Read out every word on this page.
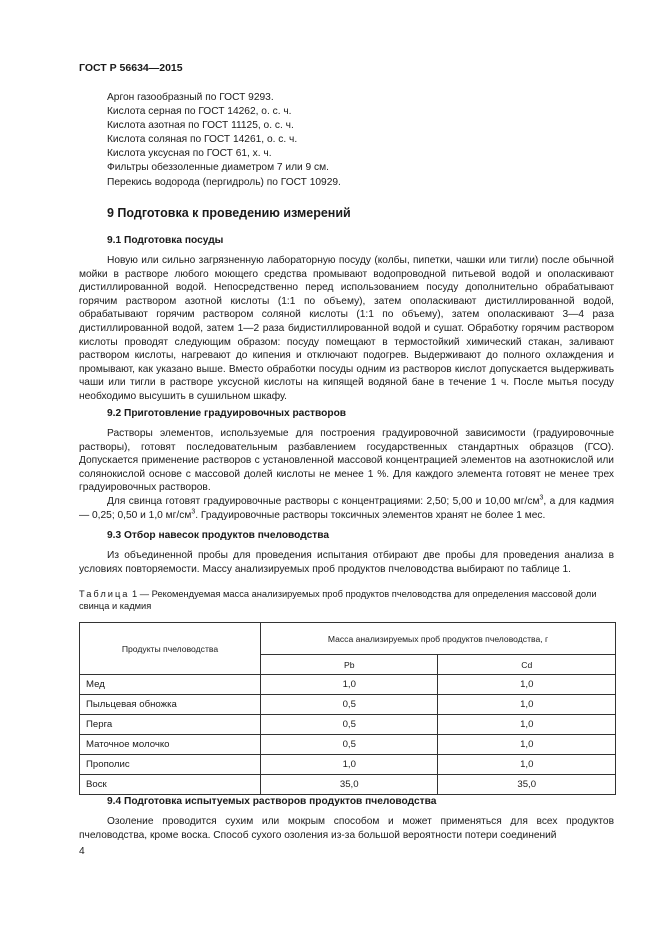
ГОСТ Р 56634—2015
Аргон газообразный по ГОСТ 9293.
Кислота серная по ГОСТ 14262, о. с. ч.
Кислота азотная по ГОСТ 11125, о. с. ч.
Кислота соляная по ГОСТ 14261, о. с. ч.
Кислота уксусная по ГОСТ 61, х. ч.
Фильтры обеззоленные диаметром 7 или 9 см.
Перекись водорода (пергидроль) по ГОСТ 10929.
9 Подготовка к проведению измерений
9.1 Подготовка посуды

Новую или сильно загрязненную лабораторную посуду (колбы, пипетки, чашки или тигли) после обычной мойки в растворе любого моющего средства промывают водопроводной питьевой водой и ополаскивают дистиллированной водой. Непосредственно перед использованием посуду дополнительно обрабатывают горячим раствором азотной кислоты (1:1 по объему), затем ополаскивают дистиллированной водой, обрабатывают горячим раствором соляной кислоты (1:1 по объему), затем ополаскивают 3—4 раза дистиллированной водой, затем 1—2 раза бидистиллированной водой и сушат. Обработку горячим раствором кислоты проводят следующим образом: посуду помещают в термостойкий химический стакан, заливают раствором кислоты, нагревают до кипения и отключают подогрев. Выдерживают до полного охлаждения и промывают, как указано выше. Вместо обработки посуды одним из растворов кислот допускается выдерживать чаши или тигли в растворе уксусной кислоты на кипящей водяной бане в течение 1 ч. После мытья посуду необходимо высушить в сушильном шкафу.

9.2 Приготовление градуировочных растворов

Растворы элементов, используемые для построения градуировочной зависимости (градуировочные растворы), готовят последовательным разбавлением государственных стандартных образцов (ГСО). Допускается применение растворов с установленной массовой концентрацией элементов на азотнокислой или солянокислой основе с массовой долей кислоты не менее 1 %. Для каждого элемента готовят не менее трех градуировочных растворов.

Для свинца готовят градуировочные растворы с концентрациями: 2,50; 5,00 и 10,00 $мг/см^3$, а для кадмия — 0,25; 0,50 и 1,0 $мг/см^3$. Градуировочные растворы токсичных элементов хранят не более 1 мес.

9.3 Отбор навесок продуктов пчеловодства

Из объединенной пробы для проведения испытания отбирают две пробы для проведения анализа в условиях повторяемости. Массу анализируемых проб продуктов пчеловодства выбирают по таблице 1.

Таблица 1 — Рекомендуемая масса анализируемых проб продуктов пчеловодства для определения массовой доли свинца и кадмия
Продукты пчеловодства	Масса анализируемых проб продуктов пчеловодства, г	
	Pb	Cd
Мед	1,0	1,0
Пыльцевая обножка	0,5	1,0
Перга	0,5	1,0
Маточное молочко	0,5	1,0
Прополис	1,0	1,0
Воск	35,0	35,0
9.4 Подготовка испытуемых растворов продуктов пчеловодства

Озоление проводится сухим или мокрым способом и может применяться для всех продуктов пчеловодства, кроме воска. Способ сухого озоления из-за большой вероятности потери соединений

4
